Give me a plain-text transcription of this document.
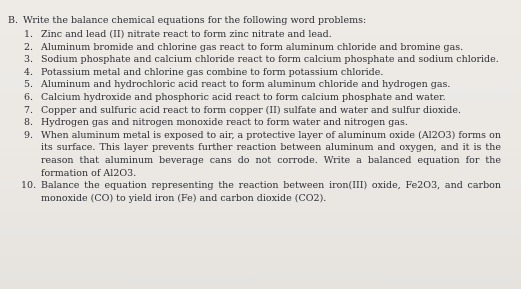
B. Write the balance chemical equations for the following word problems:
1. Zinc and lead (II) nitrate react to form zinc nitrate and lead.
2. Aluminum bromide and chlorine gas react to form aluminum chloride and bromine gas.
3. Sodium phosphate and calcium chloride react to form calcium phosphate and sodium chloride.
4. Potassium metal and chlorine gas combine to form potassium chloride.
5. Aluminum and hydrochloric acid react to form aluminum chloride and hydrogen gas.
6. Calcium hydroxide and phosphoric acid react to form calcium phosphate and water.
7. Copper and sulfuric acid react to form copper (II) sulfate and water and sulfur dioxide.
8. Hydrogen gas and nitrogen monoxide react to form water and nitrogen gas.
9. When aluminum metal is exposed to air, a protective layer of aluminum oxide (Al2O3) forms on its surface. This layer prevents further reaction between aluminum and oxygen, and it is the reason that aluminum beverage cans do not corrode. Write a balanced equation for the formation of Al2O3.
10. Balance the equation representing the reaction between iron(III) oxide, Fe2O3, and carbon monoxide (CO) to yield iron (Fe) and carbon dioxide (CO2).
